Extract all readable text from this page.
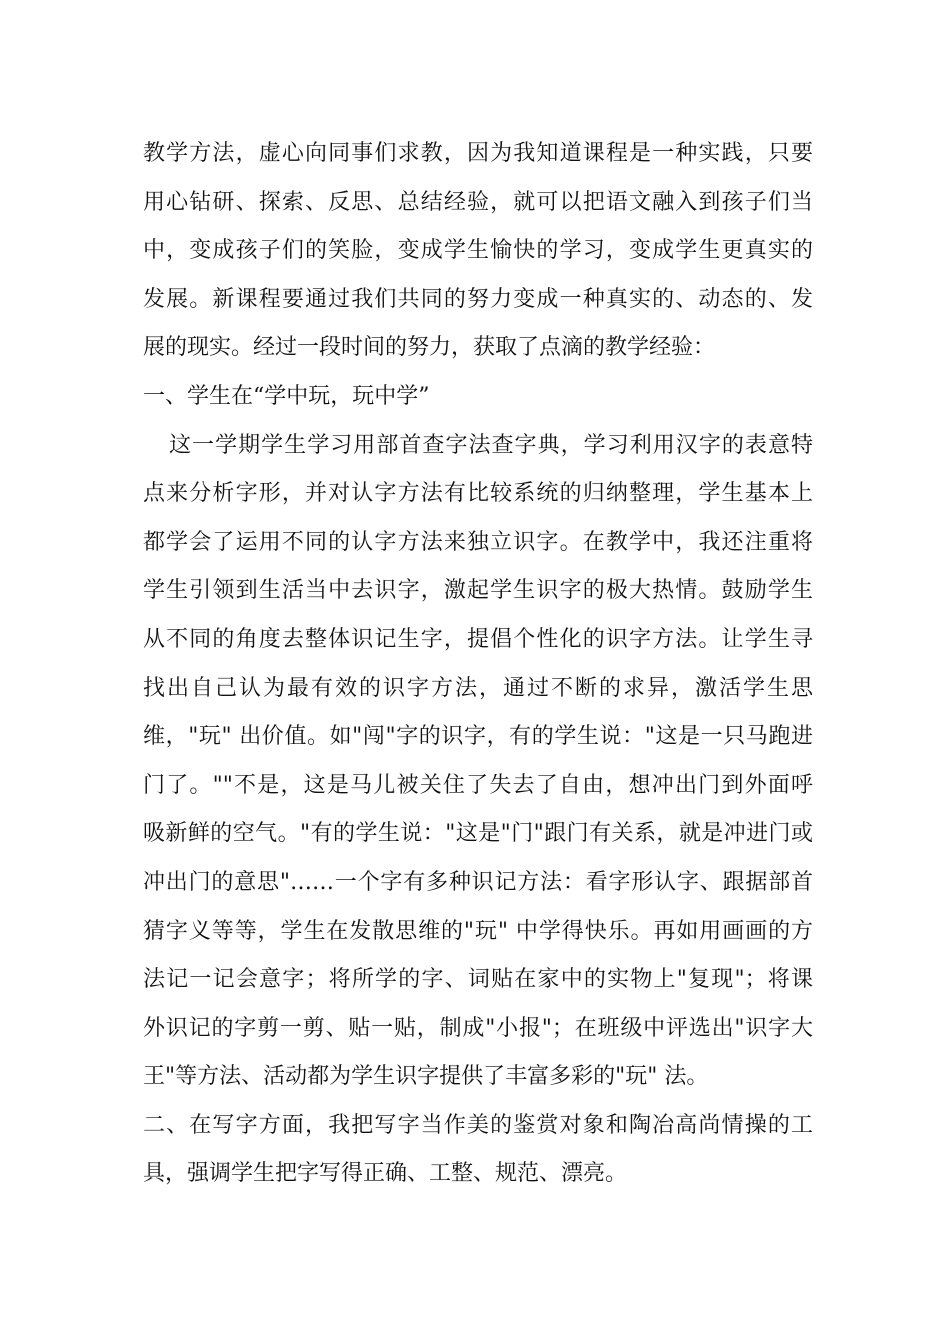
教学方法，虚心向同事们求教，因为我知道课程是一种实践，只要
用心钻研、探索、反思、总结经验，就可以把语文融入到孩子们当
中，变成孩子们的笑脸，变成学生愉快的学习，变成学生更真实的
发展。新课程要通过我们共同的努力变成一种真实的、动态的、发
展的现实。经过一段时间的努力，获取了点滴的教学经验：
一、学生在“学中玩，玩中学”
这一学期学生学习用部首查字法查字典，学习利用汉字的表意特
点来分析字形，并对认字方法有比较系统的归纳整理，学生基本上
都学会了运用不同的认字方法来独立识字。在教学中，我还注重将
学生引领到生活当中去识字，激起学生识字的极大热情。鼓励学生
从不同的角度去整体识记生字，提倡个性化的识字方法。让学生寻
找出自己认为最有效的识字方法，通过不断的求异，激活学生思
维，"玩" 出价值。如"闯"字的识字，有的学生说："这是一只马跑进
门了。""不是，这是马儿被关住了失去了自由，想冲出门到外面呼
吸新鲜的空气。"有的学生说："这是"门"跟门有关系，就是冲进门或
冲出门的意思"……一个字有多种识记方法：看字形认字、跟据部首
猜字义等等，学生在发散思维的"玩" 中学得快乐。再如用画画的方
法记一记会意字；将所学的字、词贴在家中的实物上"复现"；将课
外识记的字剪一剪、贴一贴，制成"小报"；在班级中评选出"识字大
王"等方法、活动都为学生识字提供了丰富多彩的"玩" 法。
二、在写字方面，我把写字当作美的鉴赏对象和陶冶高尚情操的工
具，强调学生把字写得正确、工整、规范、漂亮。
